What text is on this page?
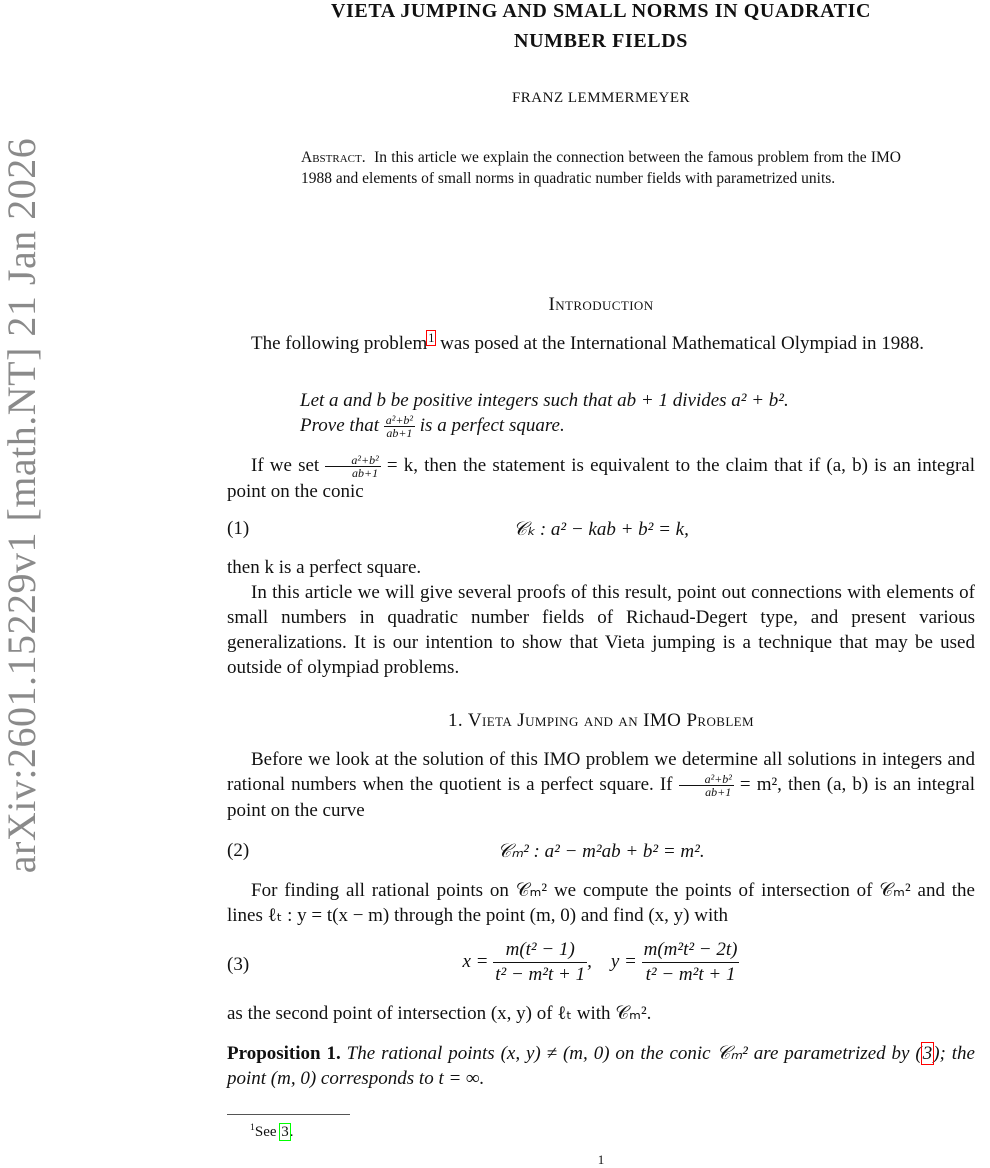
arXiv:2601.15229v1 [math.NT] 21 Jan 2026
VIETA JUMPING AND SMALL NORMS IN QUADRATIC
NUMBER FIELDS
FRANZ LEMMERMEYER
Abstract. In this article we explain the connection between the famous problem from the IMO 1988 and elements of small norms in quadratic number fields with parametrized units.
Introduction
The following problem$^1$ was posed at the International Mathematical Olympiad in 1988.
Let a and b be positive integers such that ab + 1 divides a² + b².
Prove that $\frac{\text{a²+b²}}{ab+1}$ is a perfect square.
If we set $\frac{\text{a²+b²}}{ab+1} = k$, then the statement is equivalent to the claim that if (a, b) is an integral point on the conic
(1)	𝒞ₖ : a² − kab + b² = k,
then k is a perfect square.
In this article we will give several proofs of this result, point out connections with elements of small numbers in quadratic number fields of Richaud-Degert type, and present various generalizations. It is our intention to show that Vieta jumping is a technique that may be used outside of olympiad problems.
1. Vieta Jumping and an IMO Problem
Before we look at the solution of this IMO problem we determine all solutions in integers and rational numbers when the quotient is a perfect square. If $\frac{\text{a²+b²}}{ab+1} = m^2$, then (a, b) is an integral point on the curve
(2)	𝒞ₘ² : a² − m²ab + b² = m².
For finding all rational points on 𝒞ₘ² we compute the points of intersection of 𝒞ₘ² and the lines ℓₜ : y = t(x − m) through the point (m, 0) and find (x, y) with
(3)	$x = \frac{\text{m(t² − 1)}}{\text{t² − m²t + 1}}$ ,    $y = \frac{\text{m(m²t² − 2t)}}{\text{t² − m²t + 1}}$
as the second point of intersection (x, y) of ℓₜ with 𝒞ₘ².
Proposition 1. The rational points (x, y) ≠ (m, 0) on the conic 𝒞ₘ² are parametrized by (3); the point (m, 0) corresponds to t = ∞.
$^1$See 3.
1
